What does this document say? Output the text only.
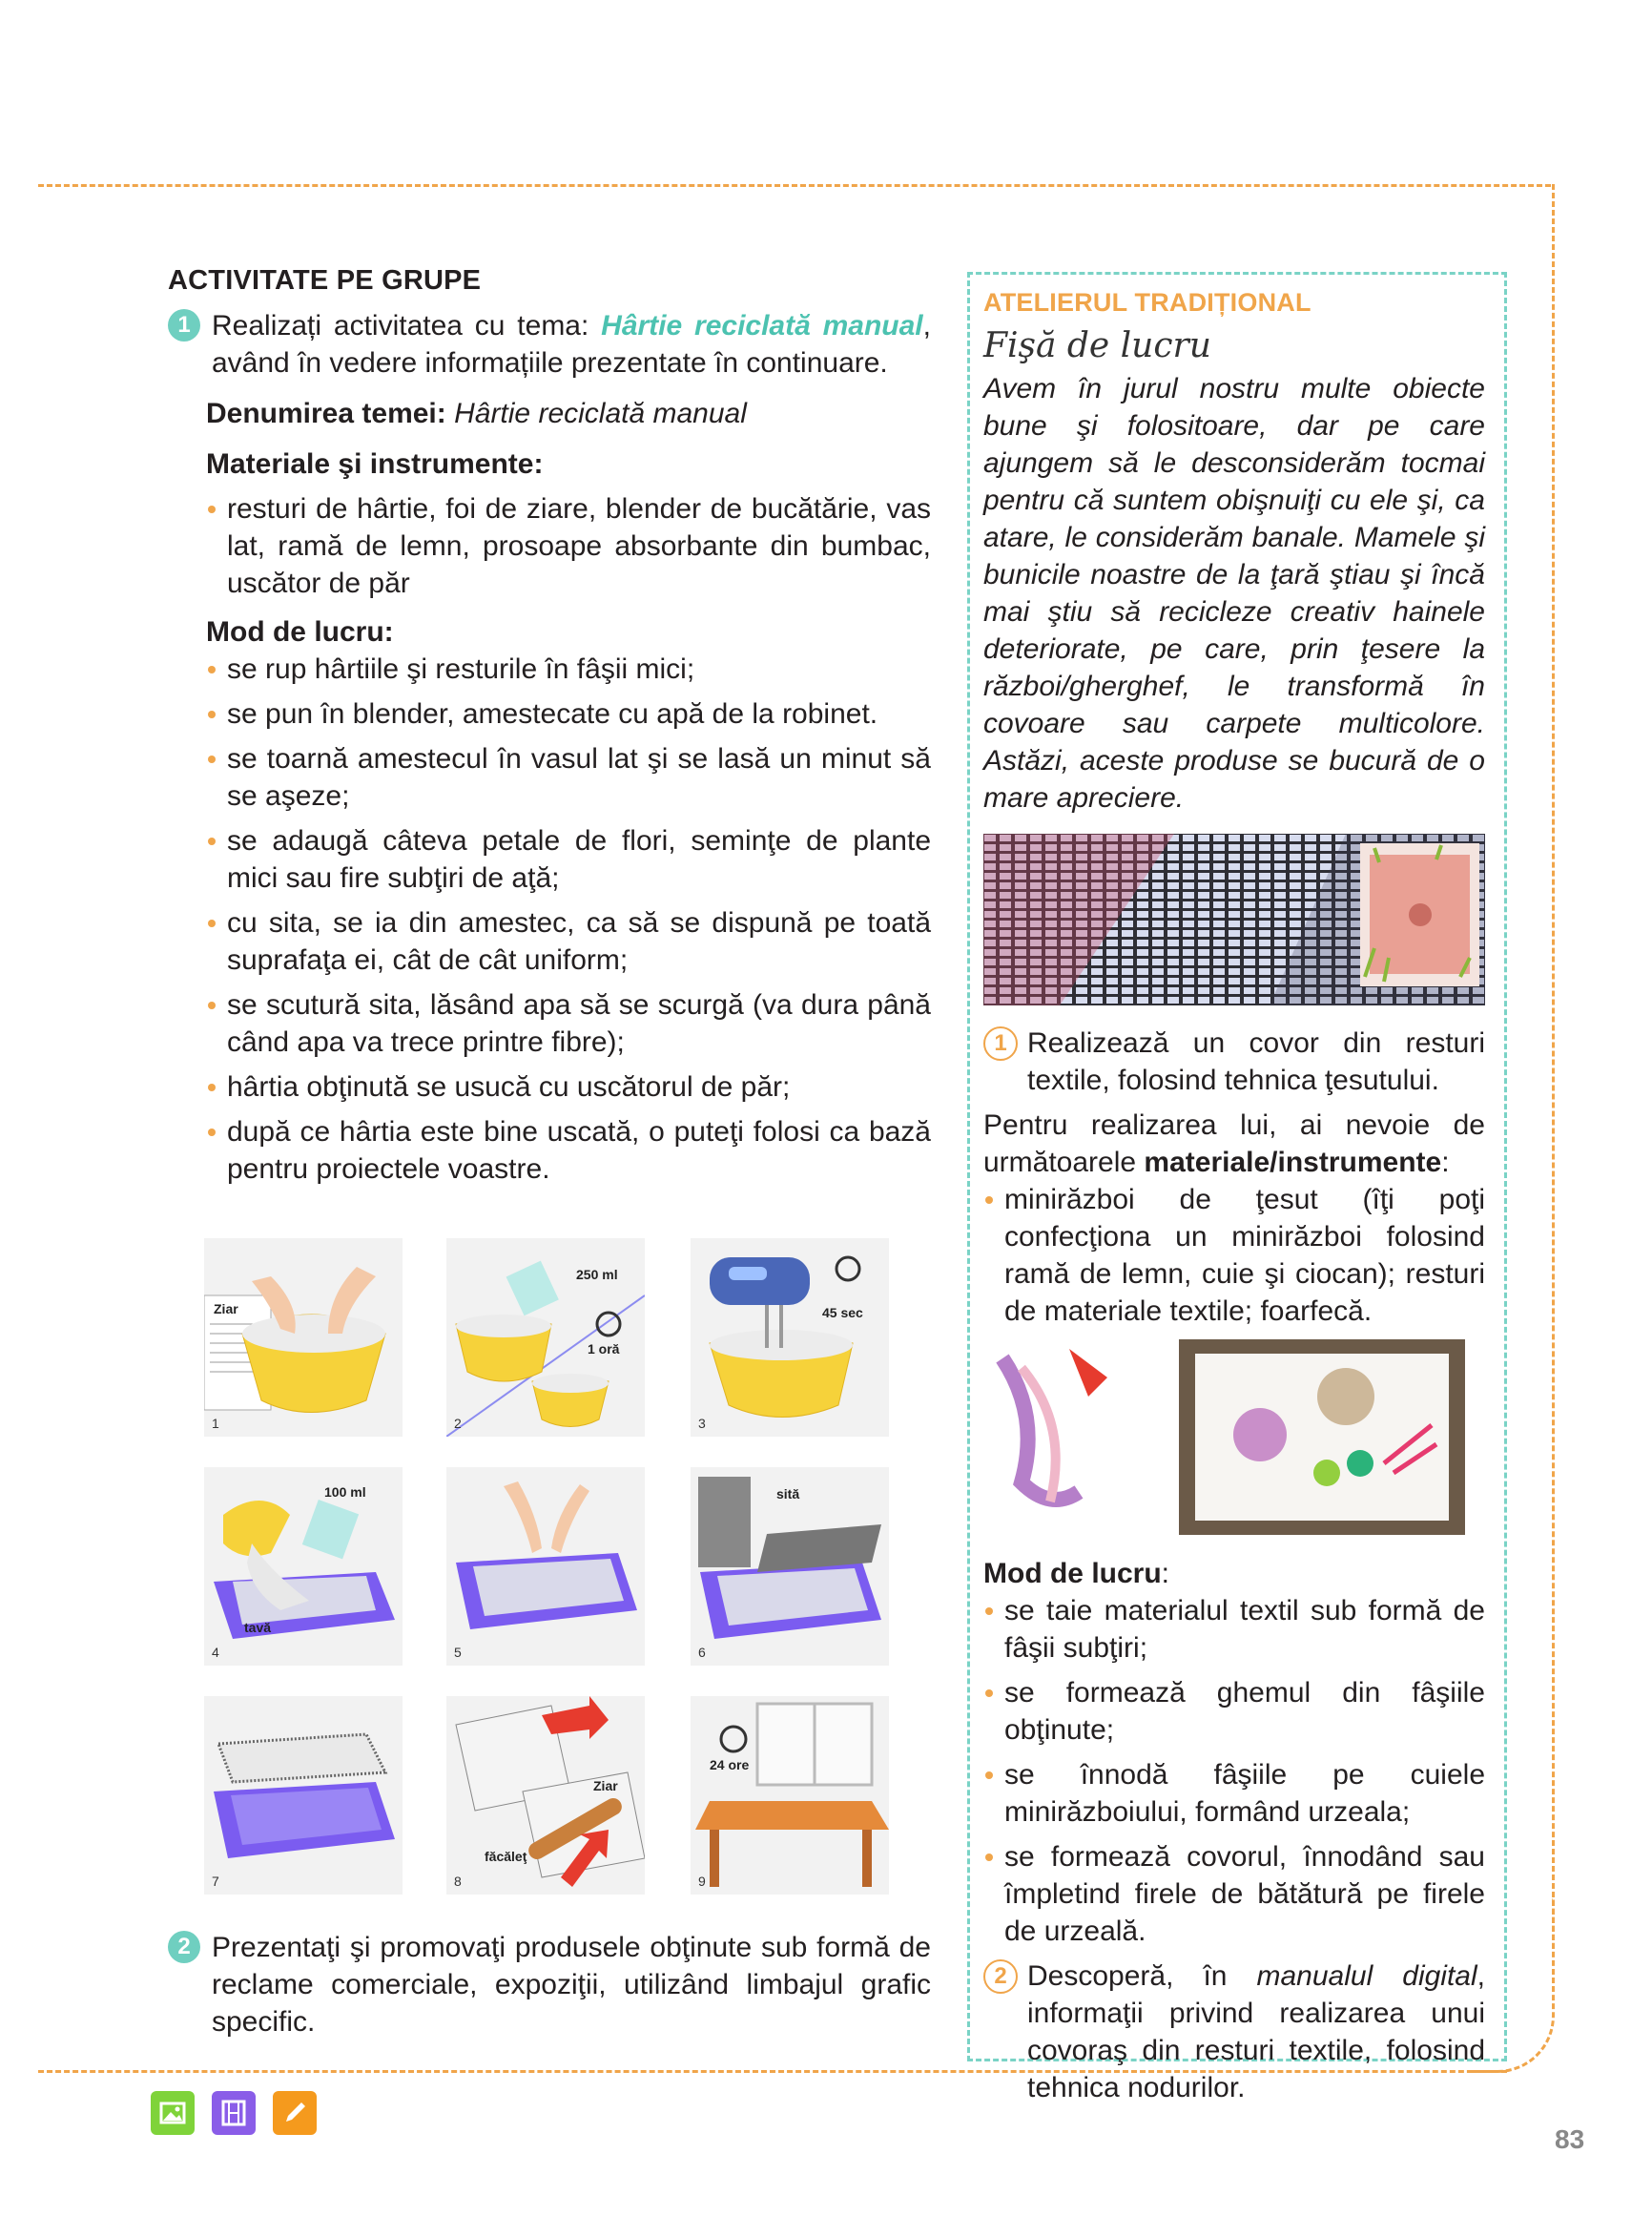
ACTIVITATE PE GRUPE
1 Realizați activitatea cu tema: Hârtie reciclată manual, având în vedere informațiile prezentate în continuare.
Denumirea temei: Hârtie reciclată manual
Materiale şi instrumente:
resturi de hârtie, foi de ziare, blender de bucătărie, vas lat, ramă de lemn, prosoape absorbante din bumbac, uscător de păr
Mod de lucru:
se rup hârtiile şi resturile în fâşii mici;
se pun în blender, amestecate cu apă de la robinet.
se toarnă amestecul în vasul lat şi se lasă un minut să se aşeze;
se adaugă câteva petale de flori, seminţe de plante mici sau fire subţiri de aţă;
cu sita, se ia din amestec, ca să se dispună pe toată suprafaţa ei, cât de cât uniform;
se scutură sita, lăsând apa să se scurgă (va dura până când apa va trece printre fibre);
hârtia obţinută se usucă cu uscătorul de păr;
după ce hârtia este bine uscată, o puteţi folosi ca bază pentru proiectele voastre.
Ziar
1
250 ml
1 oră
2
45 sec
3
100 ml
tavă
4	5
sită
6
7
Ziar
făcăleţ
8
24 ore
9
2 Prezentaţi şi promovaţi produsele obţinute sub formă de reclame comerciale, expoziţii, utilizând limbajul grafic specific.
ATELIERUL TRADIȚIONAL
Fişă de lucru

Avem în jurul nostru multe obiecte bune şi folositoare, dar pe care ajungem să le desconsiderăm tocmai pentru că suntem obişnuiţi cu ele şi, ca atare, le considerăm banale. Mamele şi bunicile noastre de la ţară ştiau şi încă mai ştiu să recicleze creativ hainele deteriorate, pe care, prin ţesere la război/gherghef, le transformă în covoare sau carpete multicolore. Astăzi, aceste produse se bucură de o mare apreciere.

1 Realizează un covor din resturi textile, folosind tehnica ţesutului.

Pentru realizarea lui, ai nevoie de următoarele materiale/instrumente:

minirăzboi de ţesut (îţi poţi confecţiona un minirăzboi folosind ramă de lemn, cuie şi ciocan); resturi de materiale textile; foarfecă.

Mod de lucru:

se taie materialul textil sub formă de fâşii subţiri;
se formează ghemul din fâşiile obţinute;
se înnodă fâşiile pe cuiele minirăzboiului, formând urzeala;
se formează covorul, înnodând sau împletind firele de bătătură pe firele de urzeală.
2 Descoperă, în manualul digital, informaţii privind realizarea unui covoraş din resturi textile, folosind tehnica nodurilor.
83
